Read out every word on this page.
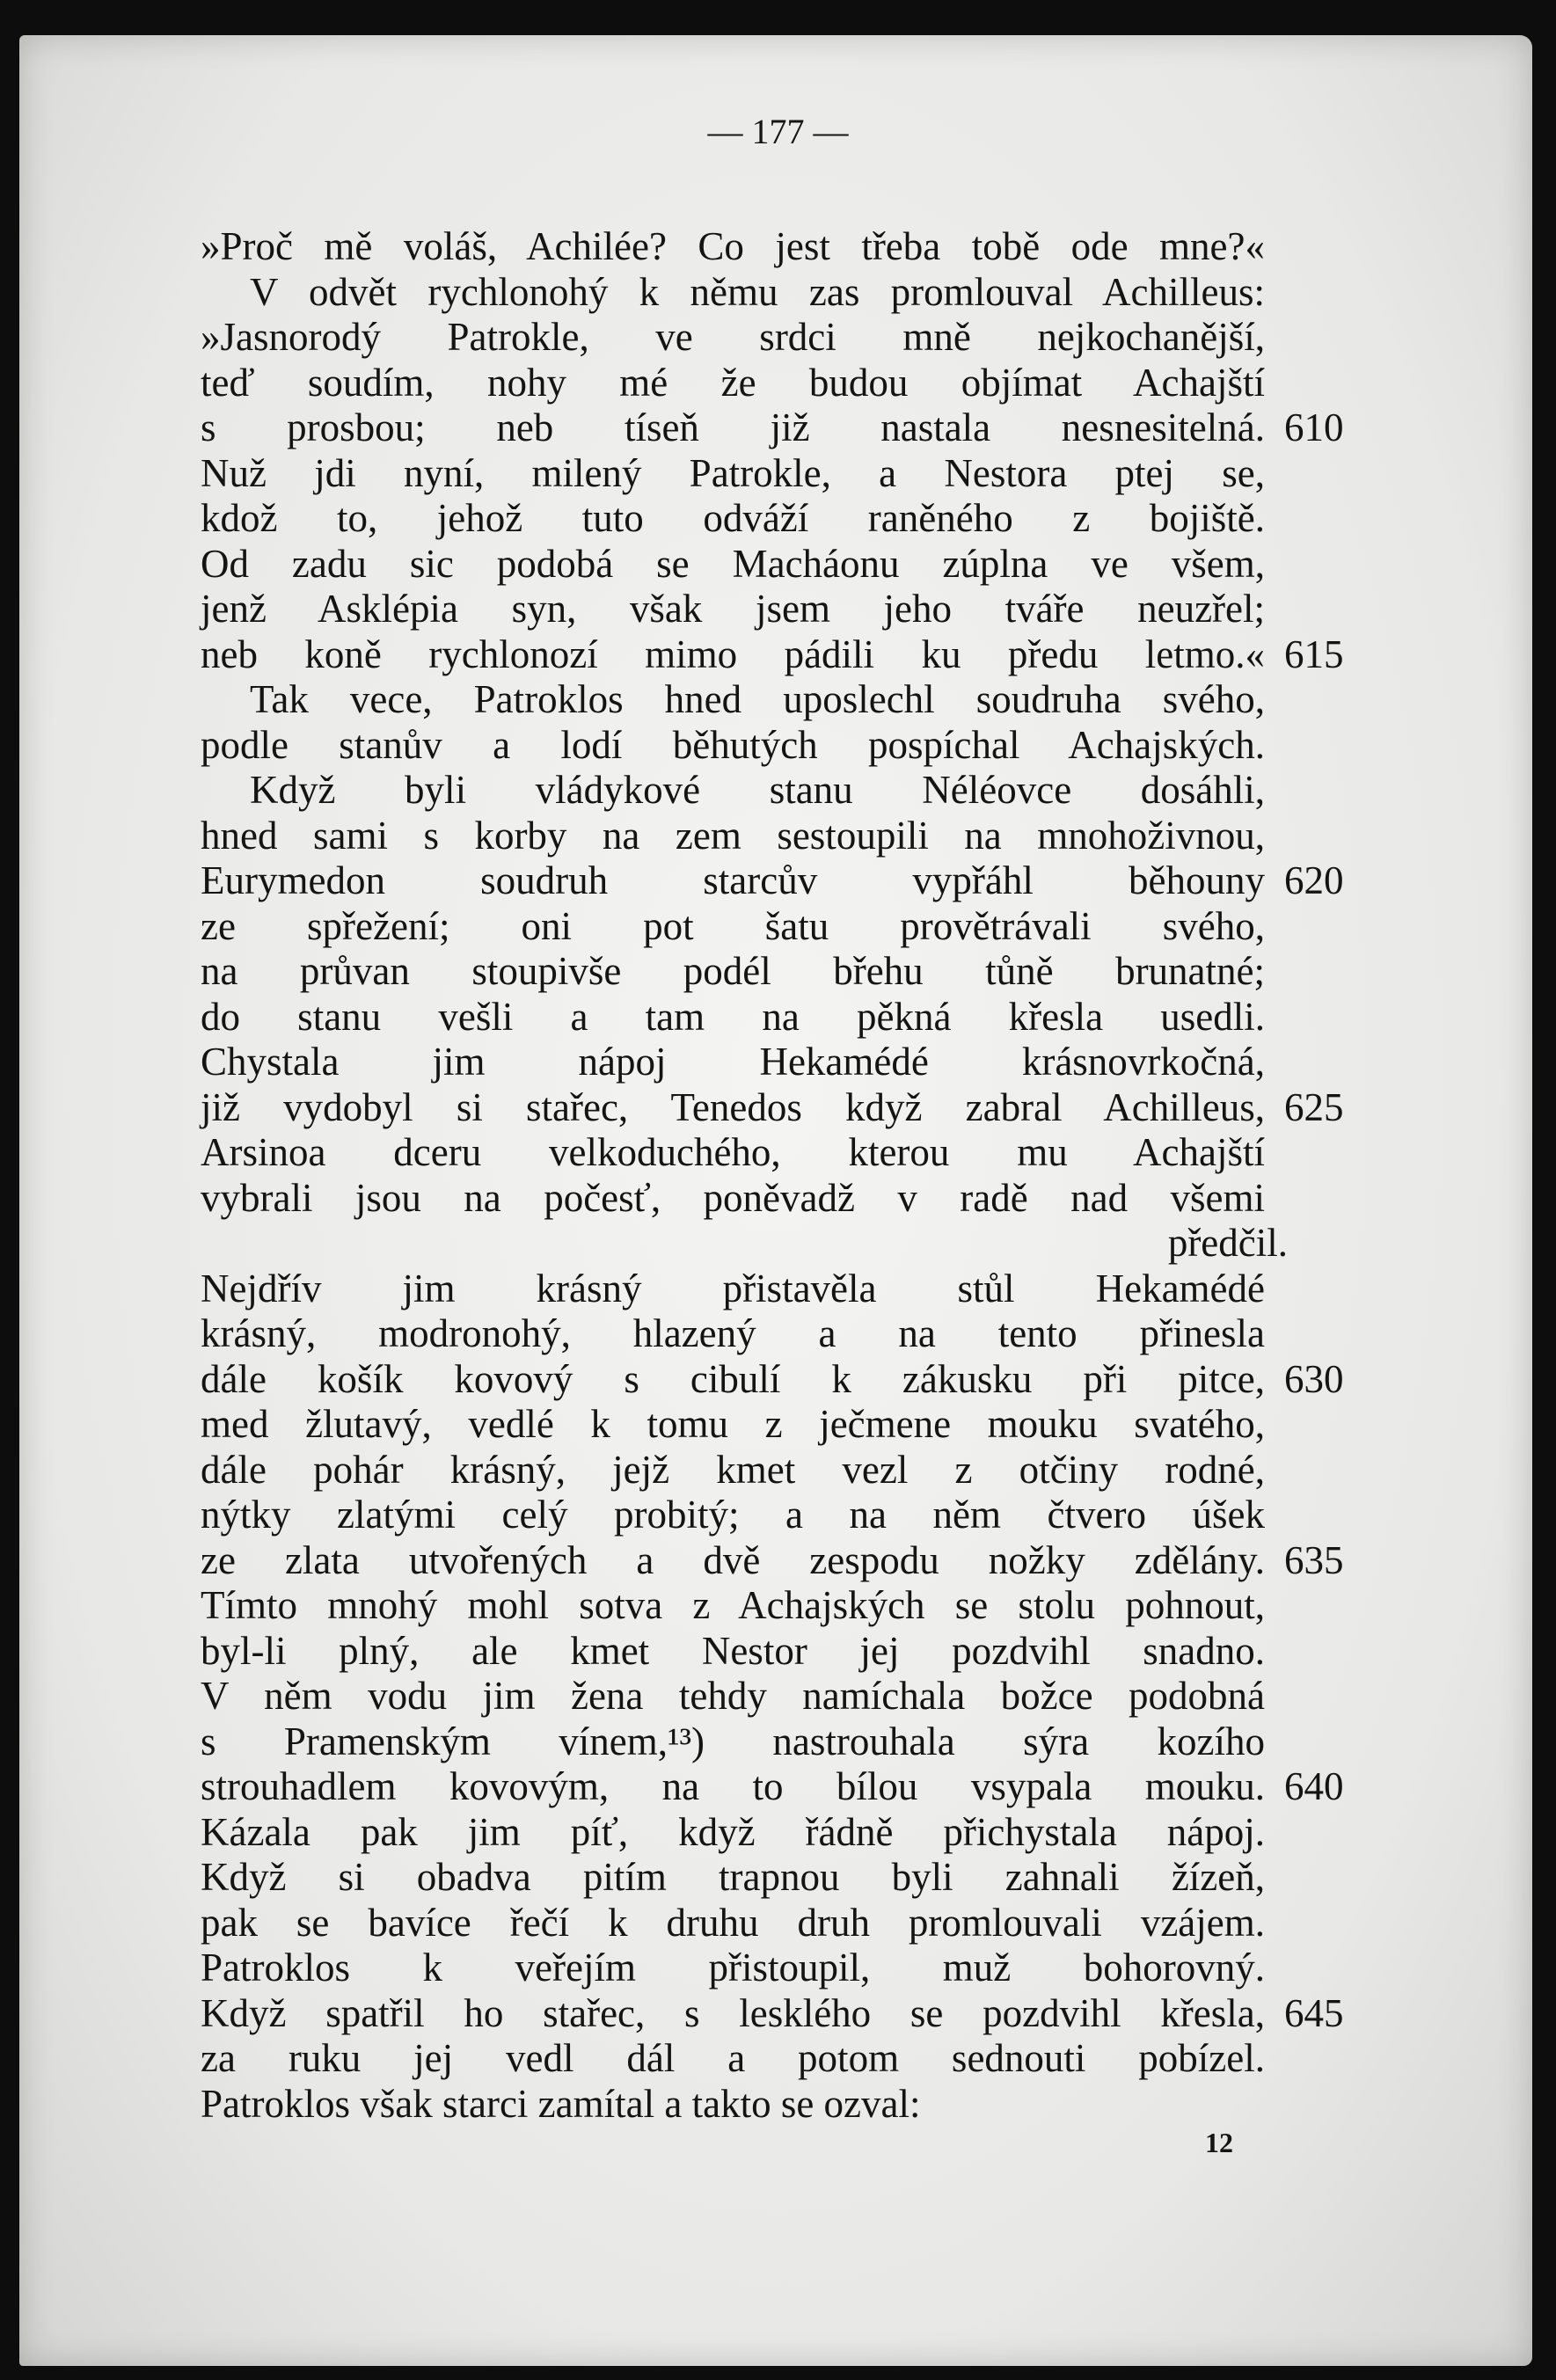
— 177 —
»Proč mě voláš, Achilée? Co jest třeba tobě ode mne?«
V odvět rychlonohý k němu zas promlouval Achilleus:
»Jasnorodý Patrokle, ve srdci mně nejkochanější,
teď soudím, nohy mé že budou objímat Achajští
s prosbou; neb tíseň již nastala nesnesitelná. 610
Nuž jdi nyní, milený Patrokle, a Nestora ptej se,
kdož to, jehož tuto odváží raněného z bojiště.
Od zadu sic podobá se Macháonu zúplna ve všem,
jenž Asklépia syn, však jsem jeho tváře neuzřel;
neb koně rychlonozí mimo pádili ku předu letmo.« 615
Tak vece, Patroklos hned uposlechl soudruha svého,
podle stanův a lodí běhutých pospíchal Achajských.
Když byli vládykové stanu Néléovce dosáhli,
hned sami s korby na zem sestoupili na mnohoživnou,
Eurymedon soudruh starcův vypřáhl běhouny 620
ze spřežení; oni pot šatu provětrávali svého,
na průvan stoupivše podél břehu tůně brunatné;
do stanu vešli a tam na pěkná křesla usedli.
Chystala jim nápoj Hekamédé krásnovrkočná,
již vydobyl si stařec, Tenedos když zabral Achilleus, 625
Arsinoa dceru velkoduchého, kterou mu Achajští
vybrali jsou na počesť, poněvadž v radě nad všemi
předčil.
Nejdřív jim krásný přistavěla stůl Hekamédé
krásný, modronohý, hlazený a na tento přinesla
dále košík kovový s cibulí k zákusku při pitce, 630
med žlutavý, vedlé k tomu z ječmene mouku svatého,
dále pohár krásný, jejž kmet vezl z otčiny rodné,
nýtky zlatými celý probitý; a na něm čtvero úšek
ze zlata utvořených a dvě zespodu nožky zdělány. 635
Tímto mnohý mohl sotva z Achajských se stolu pohnout,
byl-li plný, ale kmet Nestor jej pozdvihl snadno.
V něm vodu jim žena tehdy namíchala božce podobná
s Pramenským vínem,¹³) nastrouhala sýra kozího
strouhadlem kovovým, na to bílou vsypala mouku. 640
Kázala pak jim píť, když řádně přichystala nápoj.
Když si obadva pitím trapnou byli zahnali žízeň,
pak se bavíce řečí k druhu druh promlouvali vzájem.
Patroklos k veřejím přistoupil, muž bohorovný.
Když spatřil ho stařec, s lesklého se pozdvihl křesla, 645
za ruku jej vedl dál a potom sednouti pobízel.
Patroklos však starci zamítal a takto se ozval:
12
